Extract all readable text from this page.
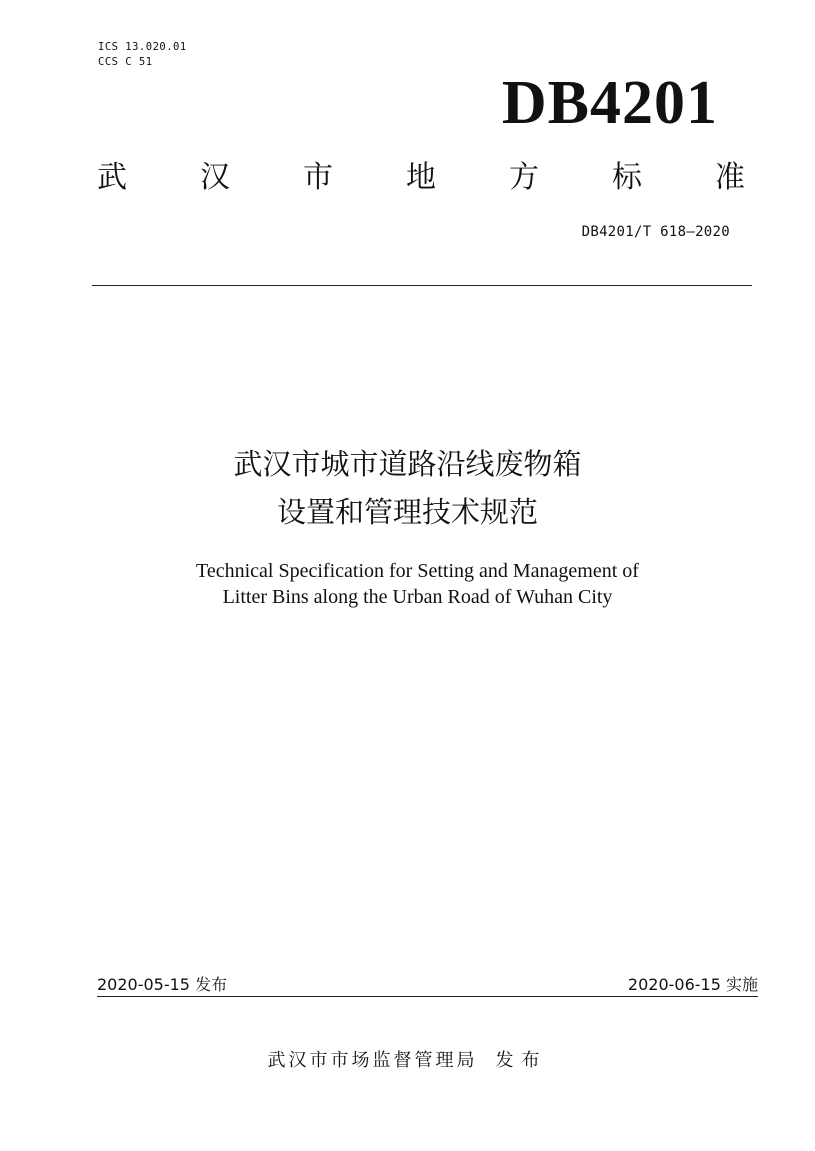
ICS 13.020.01
CCS C 51
DB4201
武 汉 市 地 方 标 准
DB4201/T 618—2020
武汉市城市道路沿线废物箱
设置和管理技术规范
Technical Specification for Setting and Management of
Litter Bins along the Urban Road of Wuhan City
2020-05-15 发布	2020-06-15 实施
武汉市市场监督管理局 发布
